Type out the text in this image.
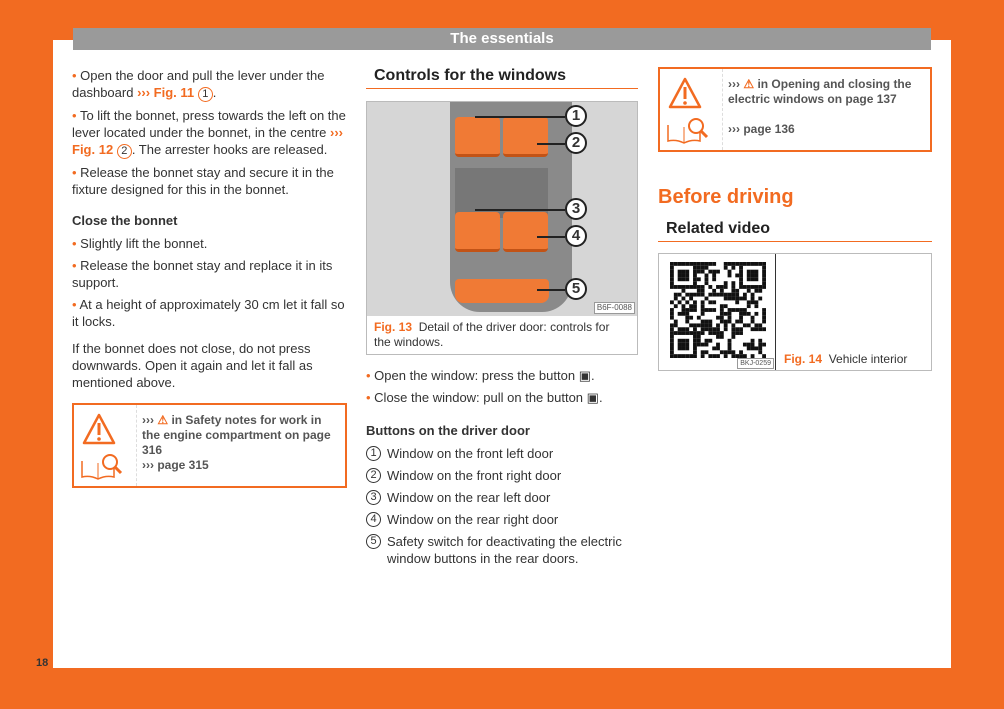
The essentials
18

• Open the door and pull the lever under the dashboard ››› Fig. 11 1 .

• To lift the bonnet, press towards the left on the lever located under the bonnet, in the centre ››› Fig. 12 2 . The arrester hooks are released.

• Release the bonnet stay and secure it in the fixture designed for this in the bonnet.

Close the bonnet

• Slightly lift the bonnet.

• Release the bonnet stay and replace it in its support.

• At a height of approximately 30 cm let it fall so it locks.

If the bonnet does not close, do not press downwards. Open it again and let it fall as mentioned above.

››› ⚠ in Safety notes for work in the engine compartment on page 316
››› page 315
Controls for the windows
1
2
3
4
5
B6F-0088
Fig. 13 Detail of the driver door: controls for the windows.

• Open the window: press the button ▣.

• Close the window: pull on the button ▣.

Buttons on the driver door
1 Window on the front left door
2 Window on the front right door
3 Window on the rear left door
4 Window on the rear right door
5 Safety switch for deactivating the electric window buttons in the rear doors.
››› ⚠ in Opening and closing the electric windows on page 137
››› page 136
Before driving
Related video
BKJ-0259 Fig. 14 Vehicle interior
